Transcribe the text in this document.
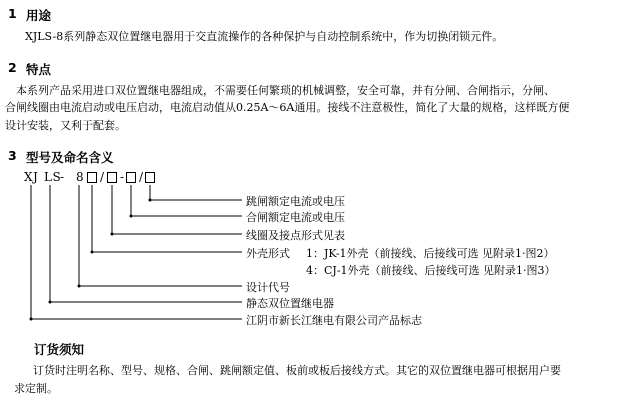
1 用途
XJLS-8系列静态双位置继电器用于交直流操作的各种保护与自动控制系统中，作为切换闭锁元件。
2 特点
本系列产品采用进口双位置继电器组成，不需要任何繁琐的机械调整，安全可靠，并有分闸、合闸指示，分闸、
合闸线圈由电流启动或电压启动，电流启动值从0.25A～6A通用。接线不注意极性，简化了大量的规格，这样既方便
设计安装，又利于配套。
3 型号及命名含义
XJ LS
- 8 / - /
跳闸额定电流或电压
合闸额定电流或电压
线圈及接点形式见表
外壳形式 1：JK-1外壳（前接线、后接线可选 见附录1·图2）
4：CJ-1外壳（前接线、后接线可选 见附录1·图3）
设计代号
静态双位置继电器
江阴市新长江继电有限公司产品标志
订货须知
订货时注明名称、型号、规格、合闸、跳闸额定值、板前或板后接线方式。其它的双位置继电器可根据用户要
求定制。
